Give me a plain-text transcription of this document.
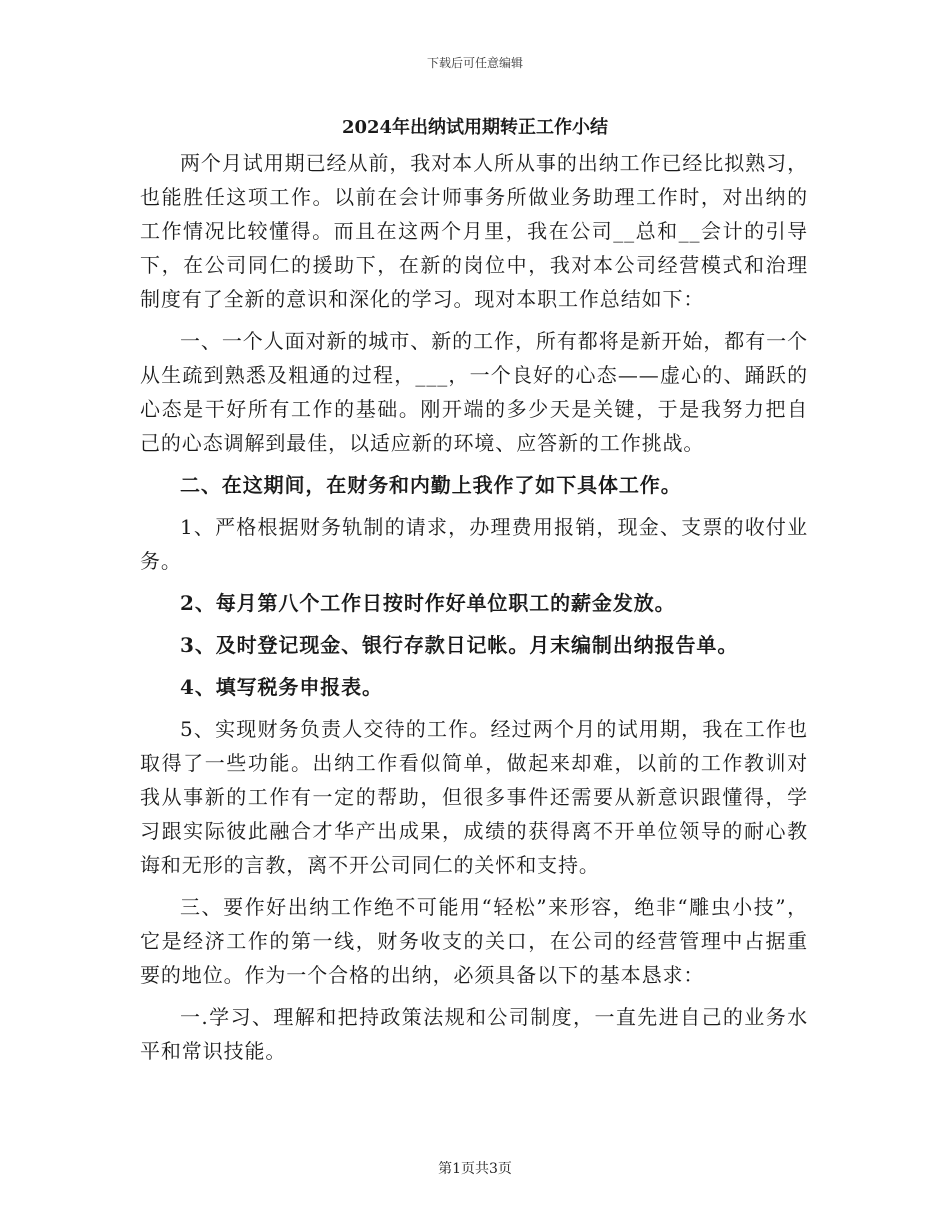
下载后可任意编辑
2024年出纳试用期转正工作小结

两个月试用期已经从前，我对本人所从事的出纳工作已经比拟熟习，也能胜任这项工作。以前在会计师事务所做业务助理工作时，对出纳的工作情况比较懂得。而且在这两个月里，我在公司__总和__会计的引导下，在公司同仁的援助下，在新的岗位中，我对本公司经营模式和治理制度有了全新的意识和深化的学习。现对本职工作总结如下：

一、一个人面对新的城市、新的工作，所有都将是新开始，都有一个从生疏到熟悉及粗通的过程，___，一个良好的心态——虚心的、踊跃的心态是干好所有工作的基础。刚开端的多少天是关键，于是我努力把自己的心态调解到最佳，以适应新的环境、应答新的工作挑战。

二、在这期间，在财务和内勤上我作了如下具体工作。

1、严格根据财务轨制的请求，办理费用报销，现金、支票的收付业务。

2、每月第八个工作日按时作好单位职工的薪金发放。

3、及时登记现金、银行存款日记帐。月末编制出纳报告单。

4、填写税务申报表。

5、实现财务负责人交待的工作。经过两个月的试用期，我在工作也取得了一些功能。出纳工作看似简单，做起来却难，以前的工作教训对我从事新的工作有一定的帮助，但很多事件还需要从新意识跟懂得，学习跟实际彼此融合才华产出成果，成绩的获得离不开单位领导的耐心教诲和无形的言教，离不开公司同仁的关怀和支持。

三、要作好出纳工作绝不可能用“轻松”来形容，绝非“雕虫小技”，它是经济工作的第一线，财务收支的关口，在公司的经营管理中占据重要的地位。作为一个合格的出纳，必须具备以下的基本恳求：

一.学习、理解和把持政策法规和公司制度，一直先进自己的业务水平和常识技能。

第1页共3页
